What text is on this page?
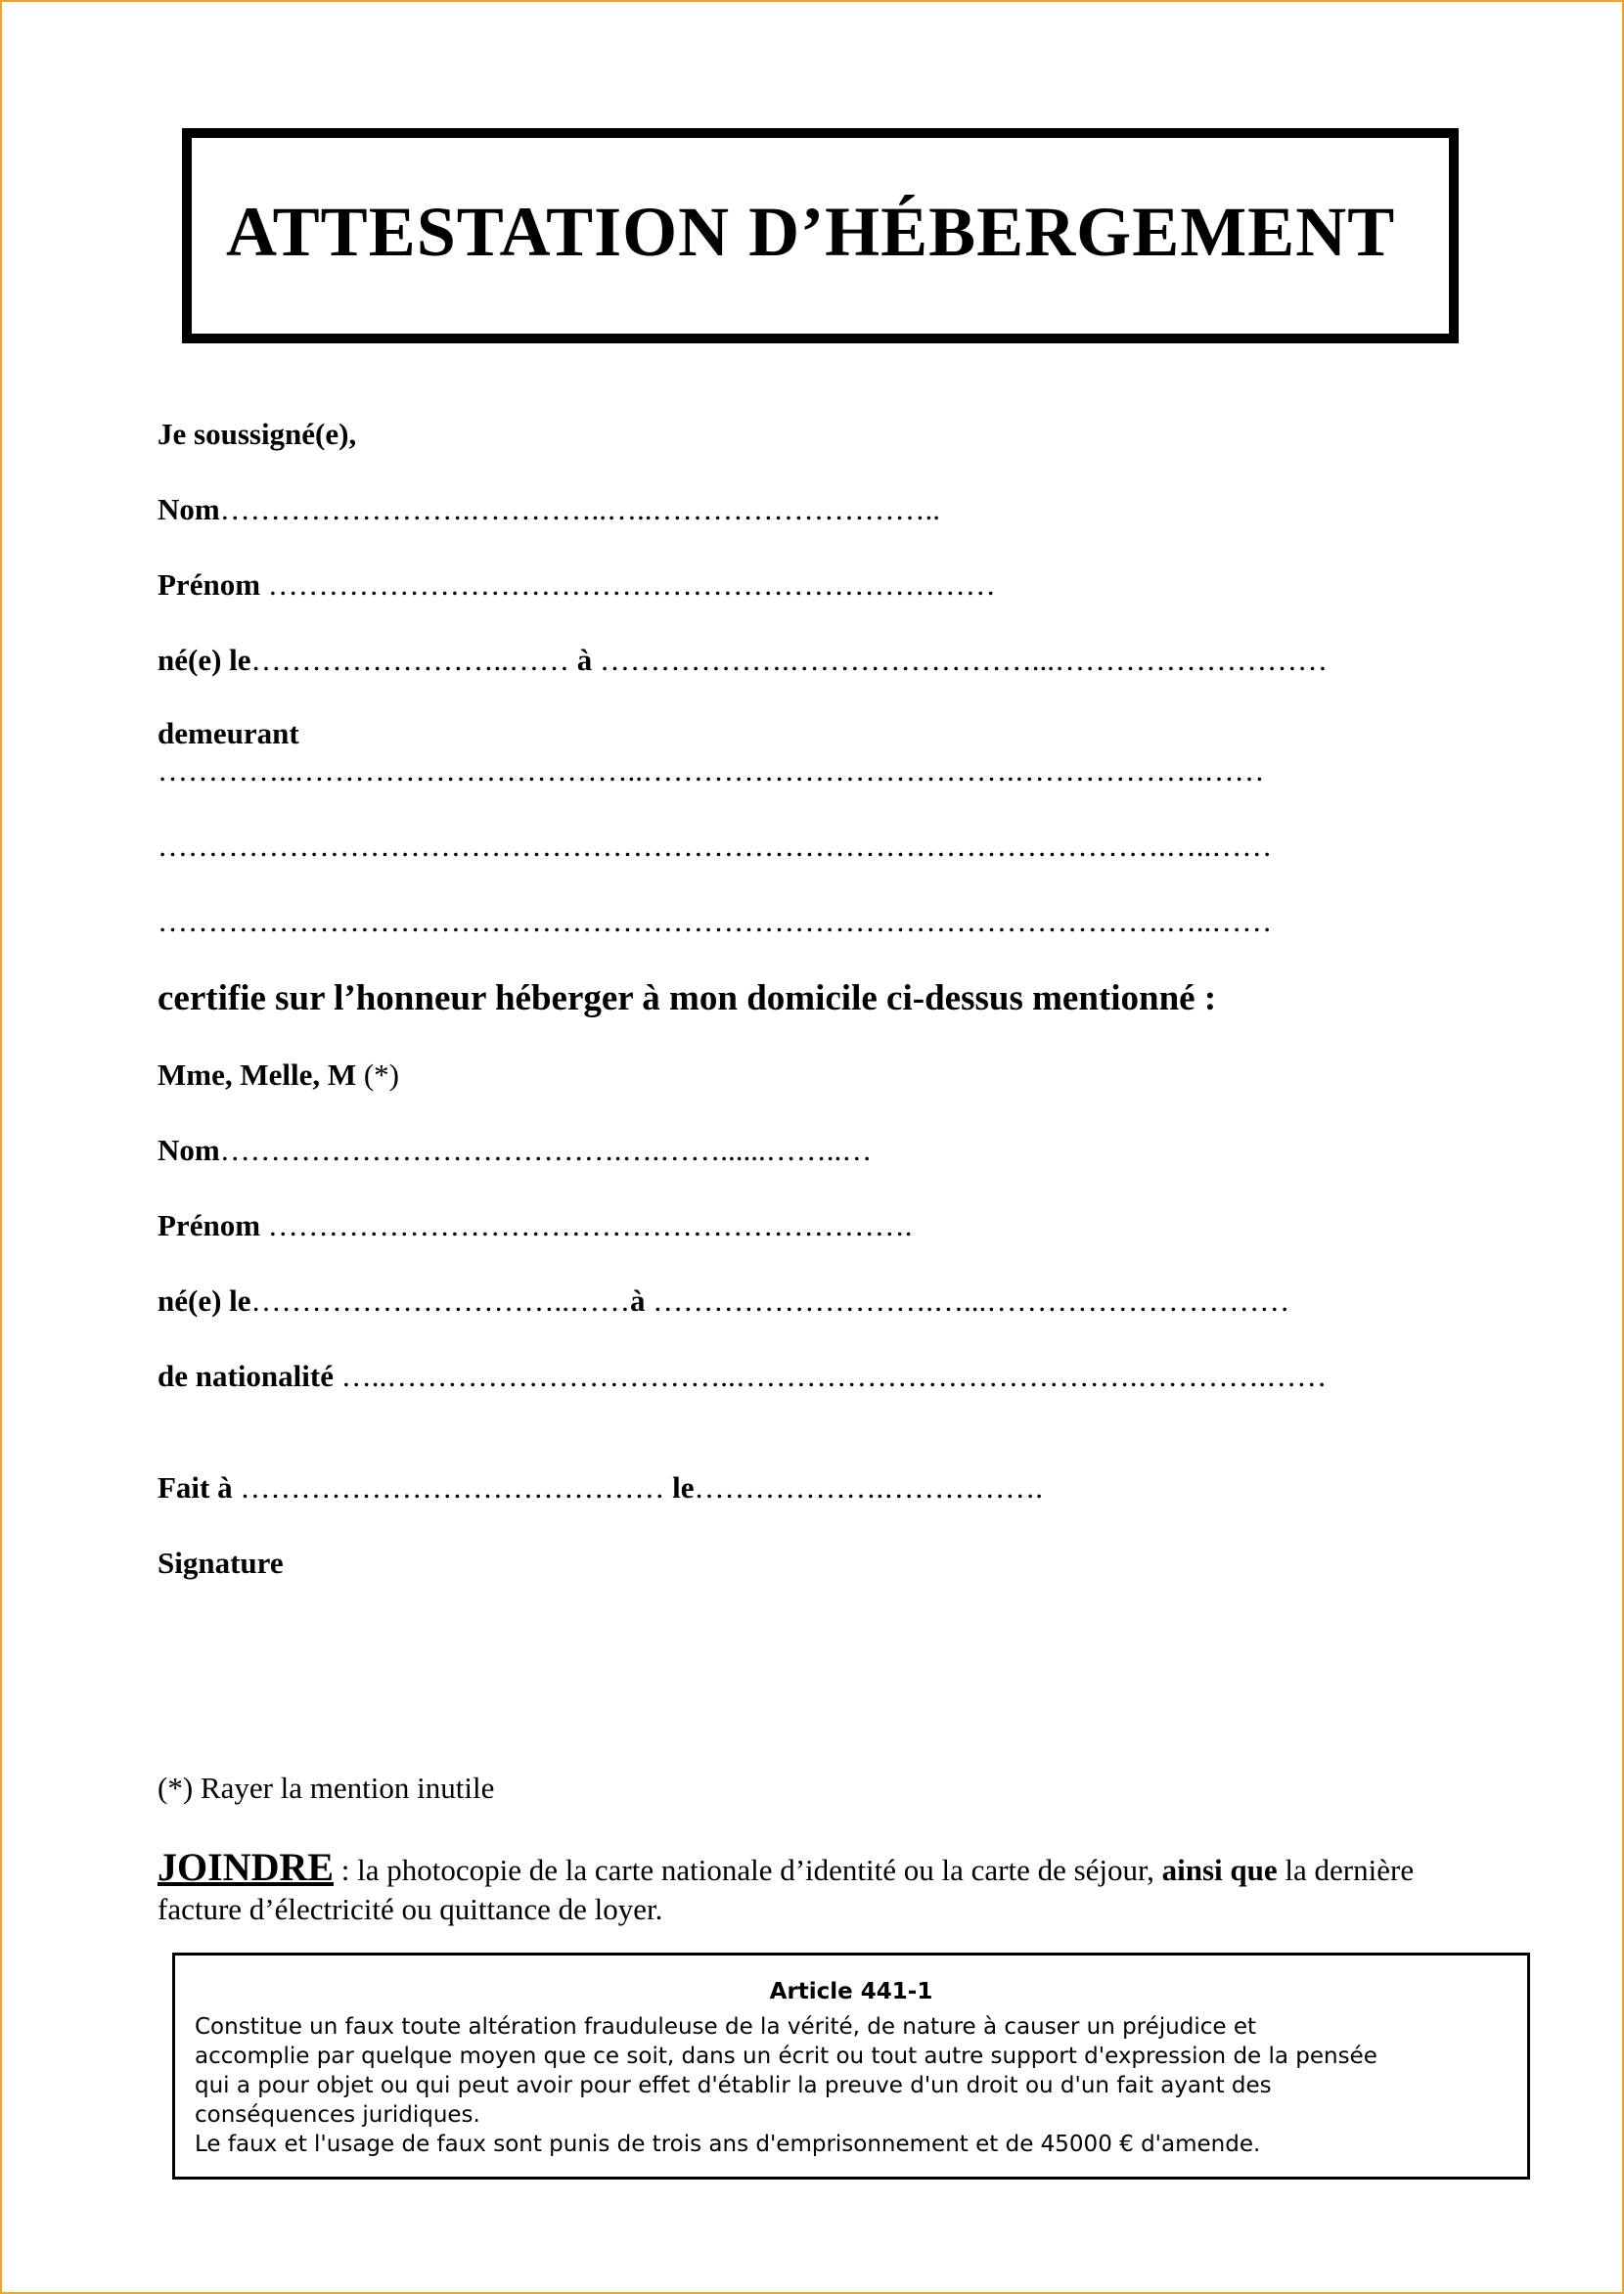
ATTESTATION D’HÉBERGEMENT
Je soussigné(e),
Nom…………………….…………..…..………………………..
Prénom ………………………………………………………………
né(e) le……………………..…… à ……………….……………………...………………………
demeurant
…………..……………………………..……………………………….……………….……
……………………………………………………………………………………….…..……
……………………………………………………………………………………….…..……
certifie sur l’honneur héberger à mon domicile ci-dessus mentionné :
Mme, Melle, M (*)
Nom………………………………….….……......……..…
Prénom ……………………………………………………….
né(e) le…………………………..……à ……………………….…...…………………………
de nationalité …..……………………………..………………………………….………….……
Fait à …………………………………… le……………….…………….
Signature
(*) Rayer la mention inutile
JOINDRE : la photocopie de la carte nationale d’identité ou la carte de séjour, ainsi que la dernière
facture d’électricité ou quittance de loyer.
Article 441-1
Constitue un faux toute altération frauduleuse de la vérité, de nature à causer un préjudice et
accomplie par quelque moyen que ce soit, dans un écrit ou tout autre support d'expression de la pensée
qui a pour objet ou qui peut avoir pour effet d'établir la preuve d'un droit ou d'un fait ayant des
conséquences juridiques.
Le faux et l'usage de faux sont punis de trois ans d'emprisonnement et de 45000 € d'amende.
